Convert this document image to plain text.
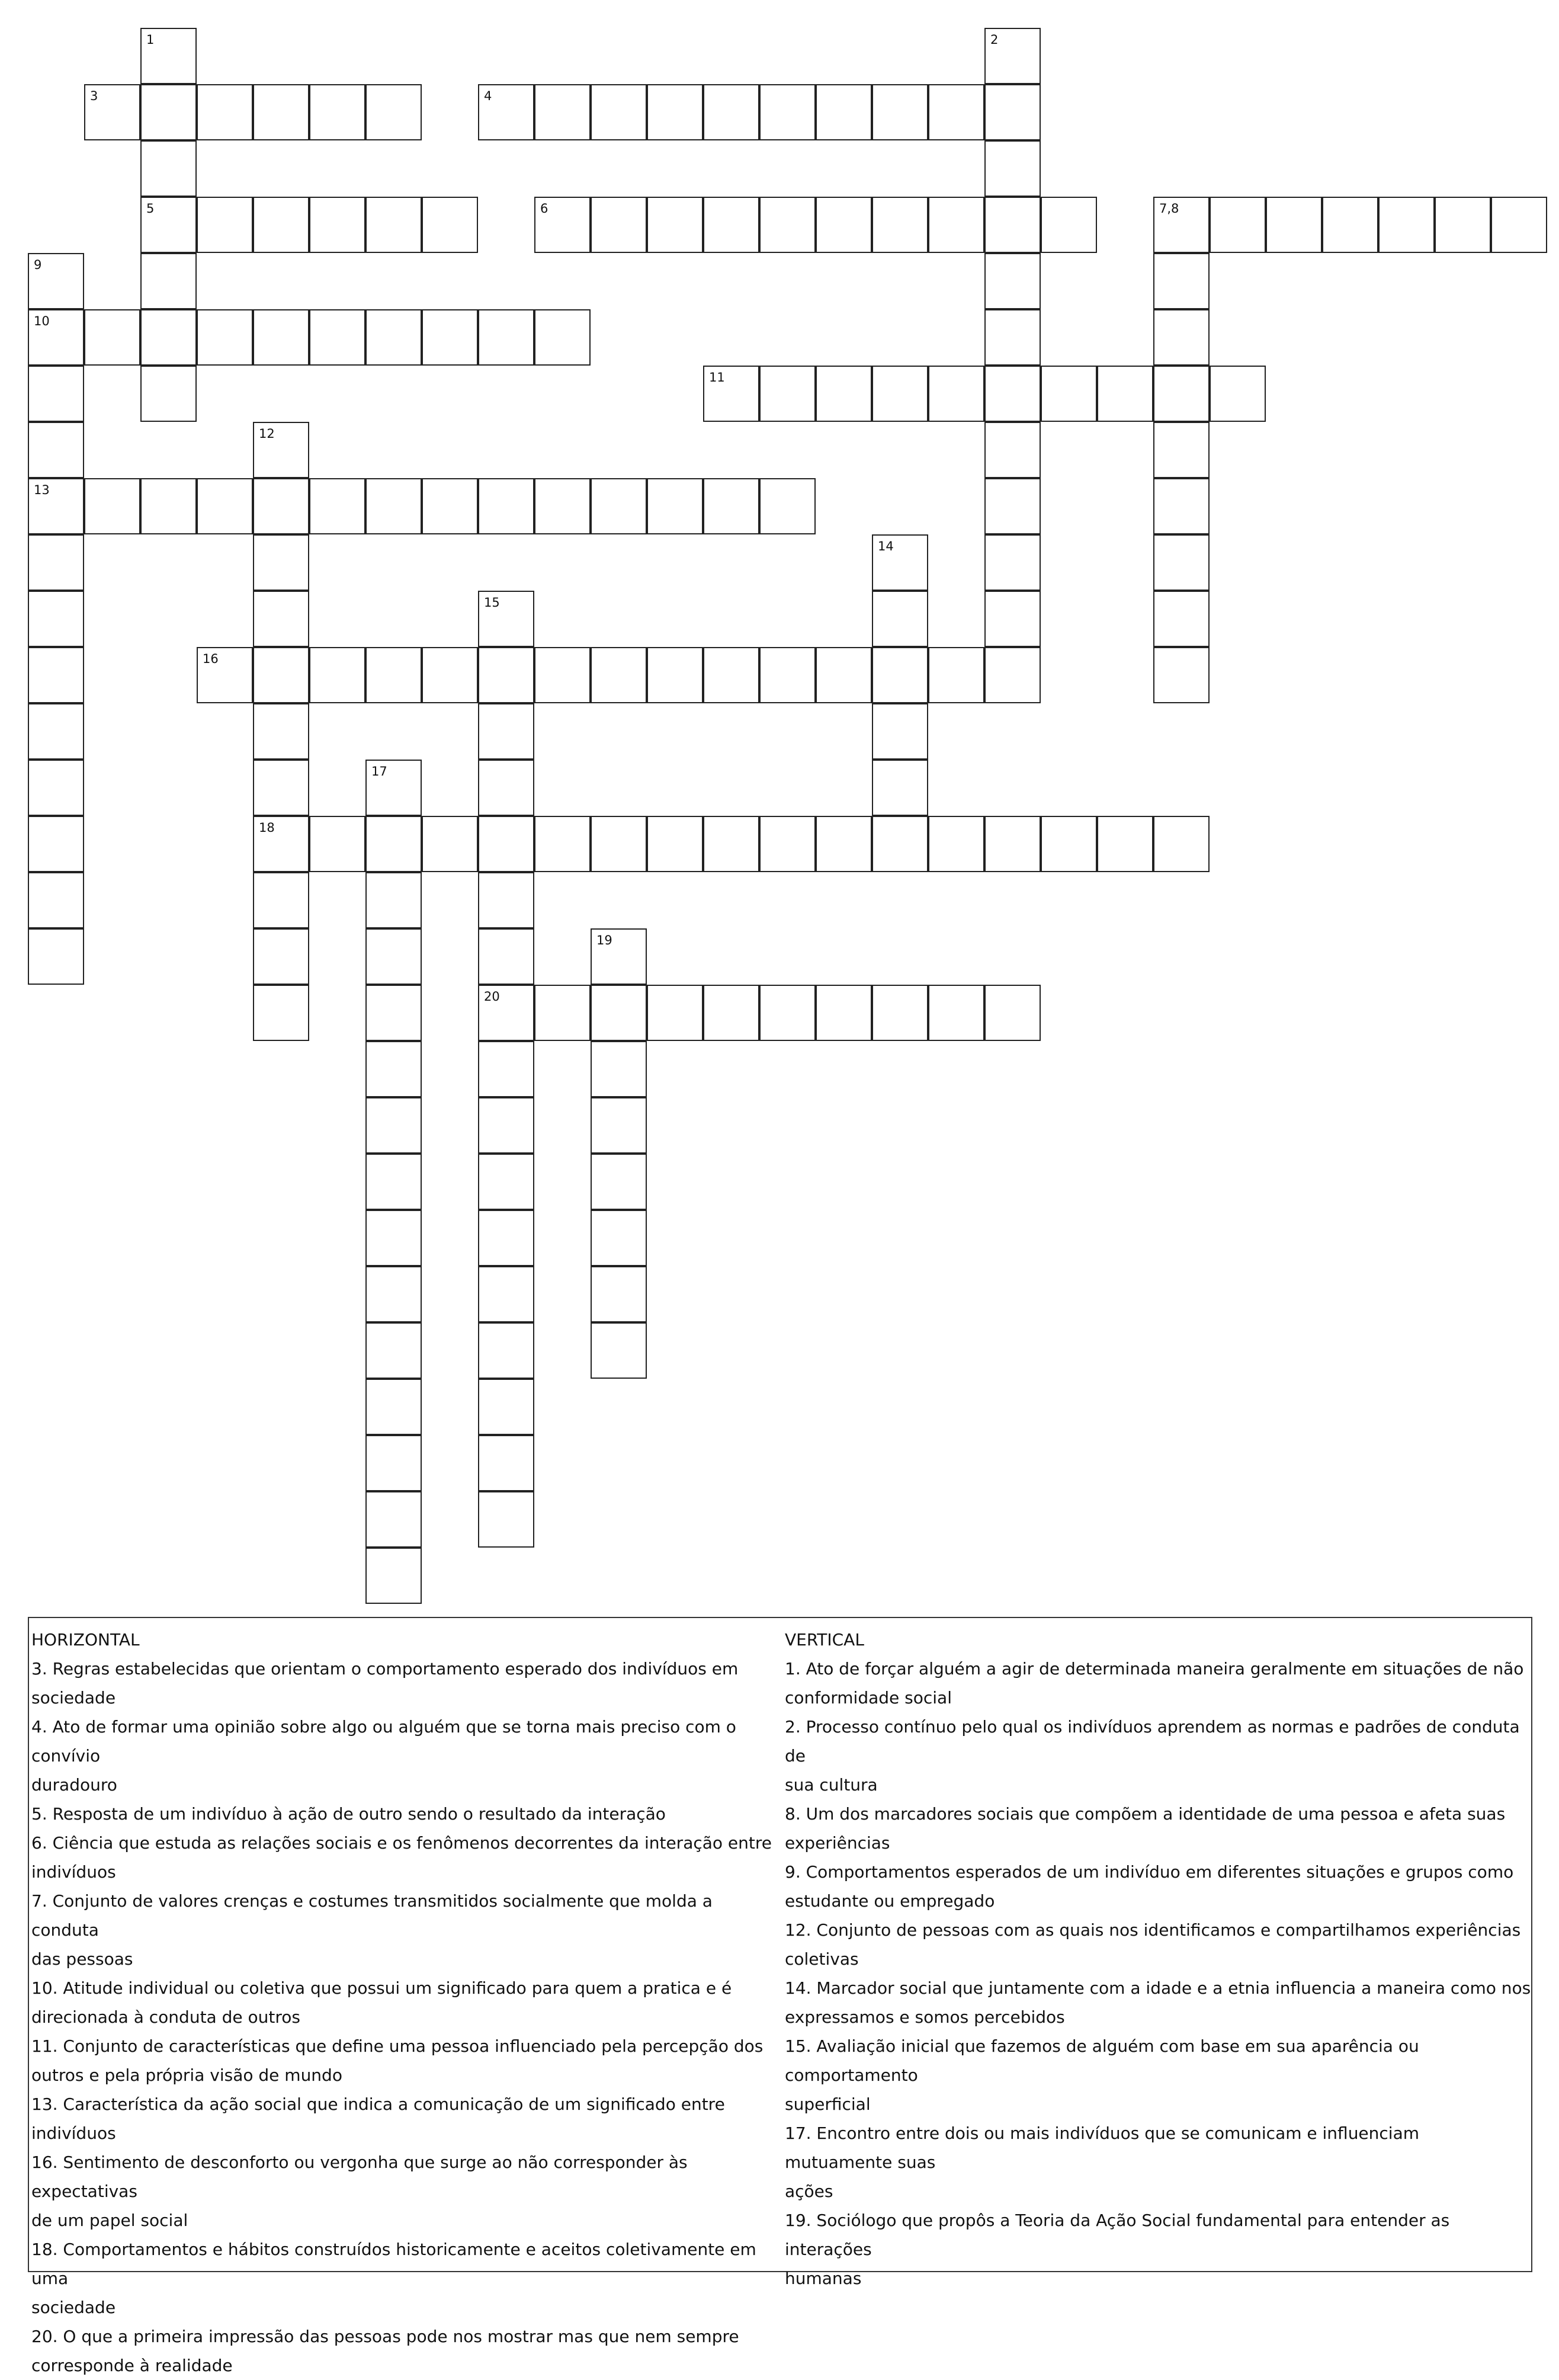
1	2
3	4
5	6	7,8
9
10
11
12
13
14
15
16
17
18
19
20
HORIZONTAL
3. Regras estabelecidas que orientam o comportamento esperado dos indivíduos em
sociedade
4. Ato de formar uma opinião sobre algo ou alguém que se torna mais preciso com o convívio
duradouro
5. Resposta de um indivíduo à ação de outro sendo o resultado da interação
6. Ciência que estuda as relações sociais e os fenômenos decorrentes da interação entre
indivíduos
7. Conjunto de valores crenças e costumes transmitidos socialmente que molda a conduta
das pessoas
10. Atitude individual ou coletiva que possui um significado para quem a pratica e é
direcionada à conduta de outros
11. Conjunto de características que define uma pessoa influenciado pela percepção dos
outros e pela própria visão de mundo
13. Característica da ação social que indica a comunicação de um significado entre indivíduos
16. Sentimento de desconforto ou vergonha que surge ao não corresponder às expectativas
de um papel social
18. Comportamentos e hábitos construídos historicamente e aceitos coletivamente em uma
sociedade
20. O que a primeira impressão das pessoas pode nos mostrar mas que nem sempre
corresponde à realidade
VERTICAL
1. Ato de forçar alguém a agir de determinada maneira geralmente em situações de não
conformidade social
2. Processo contínuo pelo qual os indivíduos aprendem as normas e padrões de conduta de
sua cultura
8. Um dos marcadores sociais que compõem a identidade de uma pessoa e afeta suas
experiências
9. Comportamentos esperados de um indivíduo em diferentes situações e grupos como
estudante ou empregado
12. Conjunto de pessoas com as quais nos identificamos e compartilhamos experiências
coletivas
14. Marcador social que juntamente com a idade e a etnia influencia a maneira como nos
expressamos e somos percebidos
15. Avaliação inicial que fazemos de alguém com base em sua aparência ou comportamento
superficial
17. Encontro entre dois ou mais indivíduos que se comunicam e influenciam mutuamente suas
ações
19. Sociólogo que propôs a Teoria da Ação Social fundamental para entender as interações
humanas
